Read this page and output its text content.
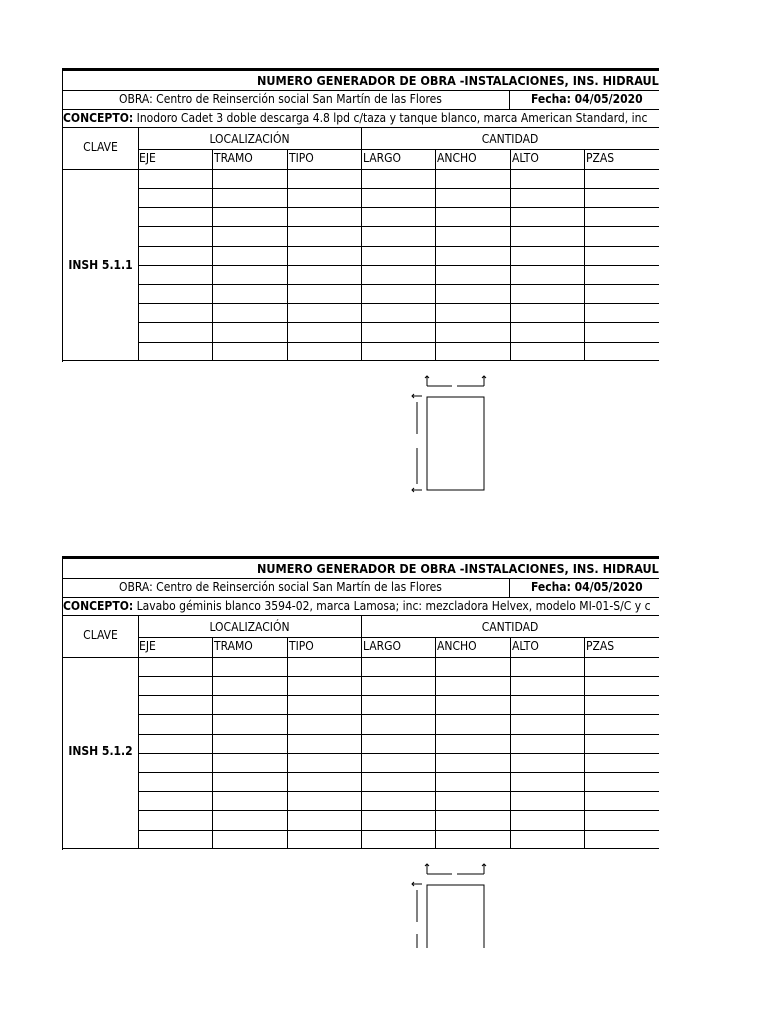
NUMERO GENERADOR DE OBRA -INSTALACIONES, INS. HIDRAUL
OBRA: Centro de Reinserción social San Martín de las Flores	Fecha: 04/05/2020
CONCEPTO: Inodoro Cadet 3 doble descarga 4.8 lpd c/taza y tanque blanco, marca American Standard, inc
CLAVE
LOCALIZACIÓN	CANTIDAD
EJE	TRAMO	TIPO	LARGO	ANCHO	ALTO	PZAS
INSH 5.1.1
NUMERO GENERADOR DE OBRA -INSTALACIONES, INS. HIDRAUL
OBRA: Centro de Reinserción social San Martín de las Flores	Fecha: 04/05/2020
CONCEPTO: Lavabo géminis blanco 3594-02, marca Lamosa; inc: mezcladora Helvex, modelo MI-01-S/C y c
CLAVE
LOCALIZACIÓN	CANTIDAD
EJE	TRAMO	TIPO	LARGO	ANCHO	ALTO	PZAS
INSH 5.1.2
